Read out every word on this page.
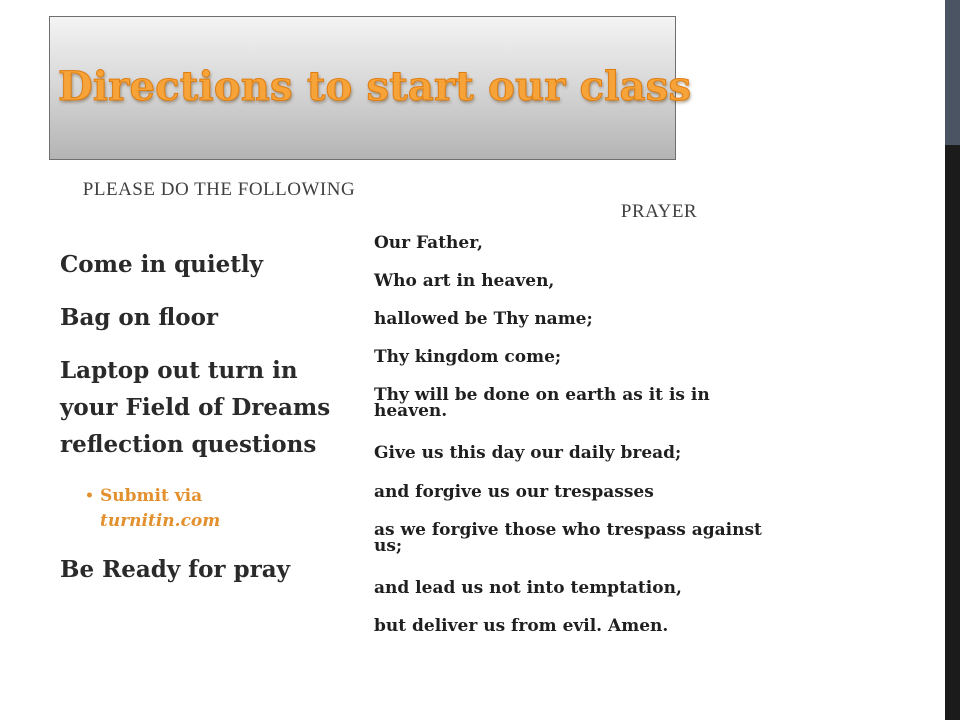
Directions to start our class
PLEASE DO THE FOLLOWING
Come in quietly
Bag on floor
Laptop out turn in
your Field of Dreams
reflection questions
• Submit via
turnitin.com
Be Ready for pray
PRAYER
Our Father,
Who art in heaven,
hallowed be Thy name;
Thy kingdom come;
Thy will be done on earth as it is in
heaven.
Give us this day our daily bread;
and forgive us our trespasses
as we forgive those who trespass against
us;
and lead us not into temptation,
but deliver us from evil. Amen.
